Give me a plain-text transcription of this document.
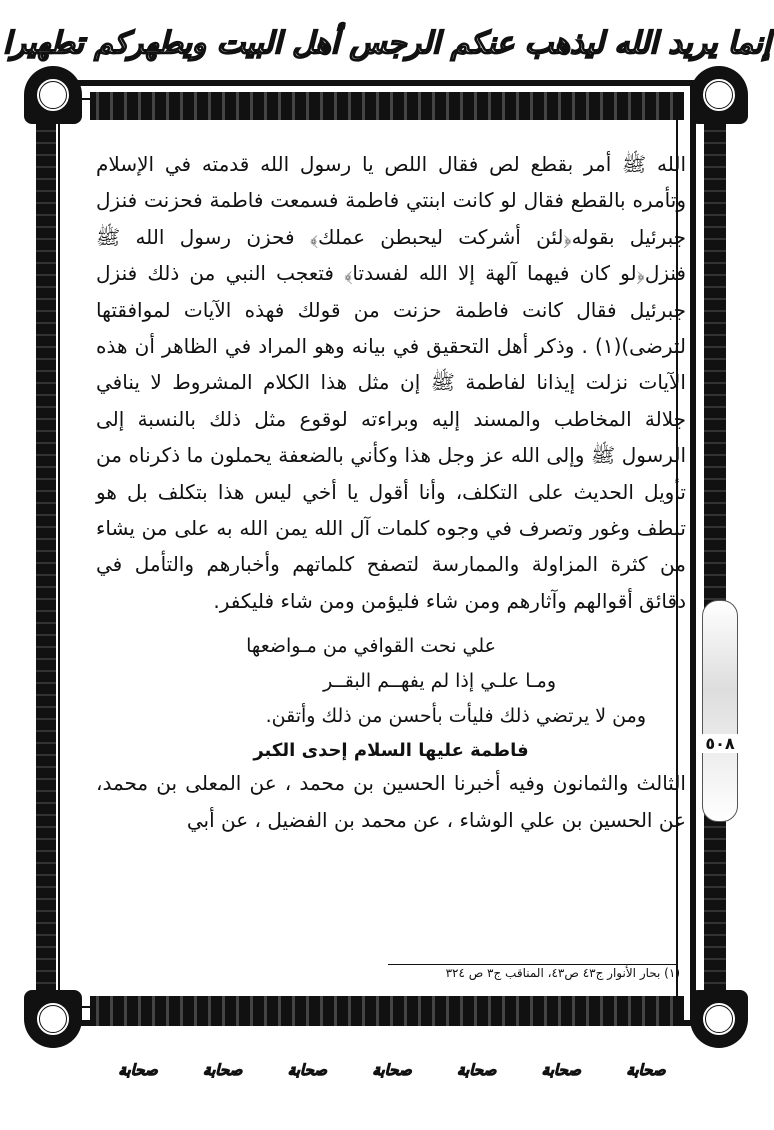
إنما يريد الله ليذهب عنكم الرجس أهل البيت ويطهركم تطهيرا
٥٠٨

الله ﷺ أمر بقطع لص فقال اللص يا رسول الله قدمته في الإسلام وتأمره بالقطع فقال لو كانت ابنتي فاطمة فسمعت فاطمة فحزنت فنزل جبرئيل بقوله﴿لئن أشركت ليحبطن عملك﴾ فحزن رسول الله ﷺ فنزل﴿لو كان فيهما آلهة إلا الله لفسدتا﴾ فتعجب النبي من ذلك فنزل جبرئيل فقال كانت فاطمة حزنت من قولك فهذه الآيات لموافقتها لترضى)(١) . وذكر أهل التحقيق في بيانه وهو المراد في الظاهر أن هذه الآيات نزلت إيذانا لفاطمة ﷺ إن مثل هذا الكلام المشروط لا ينافي جلالة المخاطب والمسند إليه وبراءته لوقوع مثل ذلك بالنسبة إلى الرسول ﷺ وإلى الله عز وجل هذا وكأني بالضعفة يحملون ما ذكرناه من تأويل الحديث على التكلف، وأنا أقول يا أخي ليس هذا بتكلف بل هو تلطف وغور وتصرف في وجوه كلمات آل الله يمن الله به على من يشاء من كثرة المزاولة والممارسة لتصفح كلماتهم وأخبارهم والتأمل في دقائق أقوالهم وآثارهم ومن شاء فليؤمن ومن شاء فليكفر.

علي نحت القوافي من مـواضعها
ومـا علـي إذا لم يفهــم البقــر
ومن لا يرتضي ذلك فليأت بأحسن من ذلك وأتقن.
فاطمة عليها السلام إحدى الكبر

الثالث والثمانون وفيه أخبرنا الحسين بن محمد ، عن المعلى بن محمد، عن الحسين بن علي الوشاء ، عن محمد بن الفضيل ، عن أبي

(١) بحار الأنوار ج٤٣ ص٤٣، المناقب ج٣ ص ٣٢٤
صحابة
صحابة
صحابة
صحابة
صحابة
صحابة
صحابة
